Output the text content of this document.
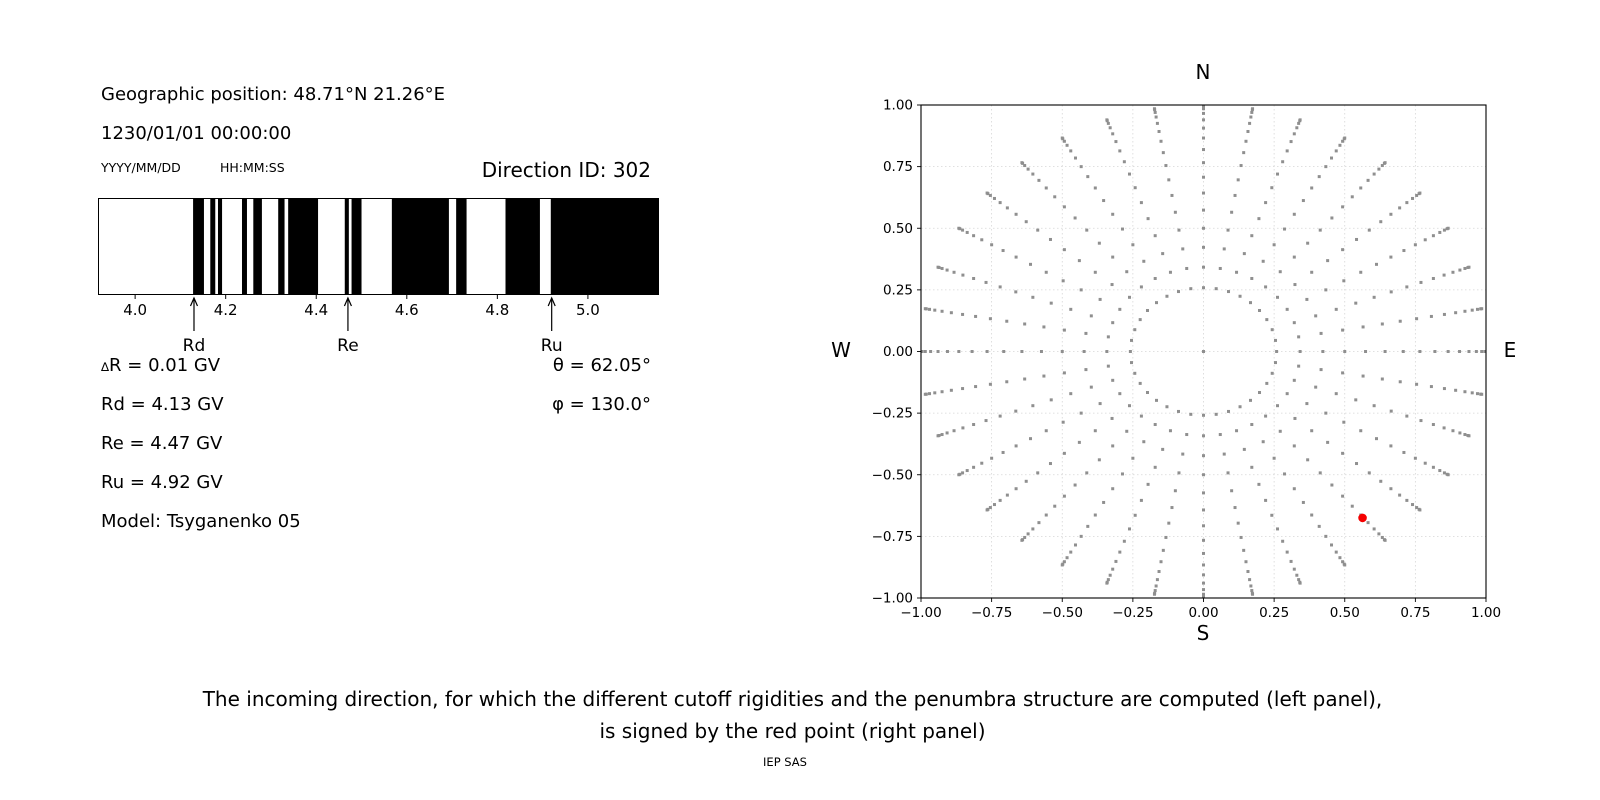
Geographic position: 48.71°N 21.26°E
1230/01/01 00:00:00
YYYY/MM/DD	HH:MM:SS	Direction ID: 302
4.0	4.2	4.4	4.6	4.8	5.0
Rd	Re	Ru
∆R = 0.01 GV	θ = 62.05°
Rd = 4.13 GV	φ = 130.0°
Re = 4.47 GV
Ru = 4.92 GV
Model: Tsyganenko 05
−1.00
−1.00
−0.75
−0.75
−0.50
−0.50
−0.25
−0.25
0.00
0.00
0.25
0.25
0.50
0.50
0.75
0.75
1.00
1.00
N
S
W	E
The incoming direction, for which the different cutoff rigidities and the penumbra structure are computed (left panel),
is signed by the red point (right panel)
IEP SAS
